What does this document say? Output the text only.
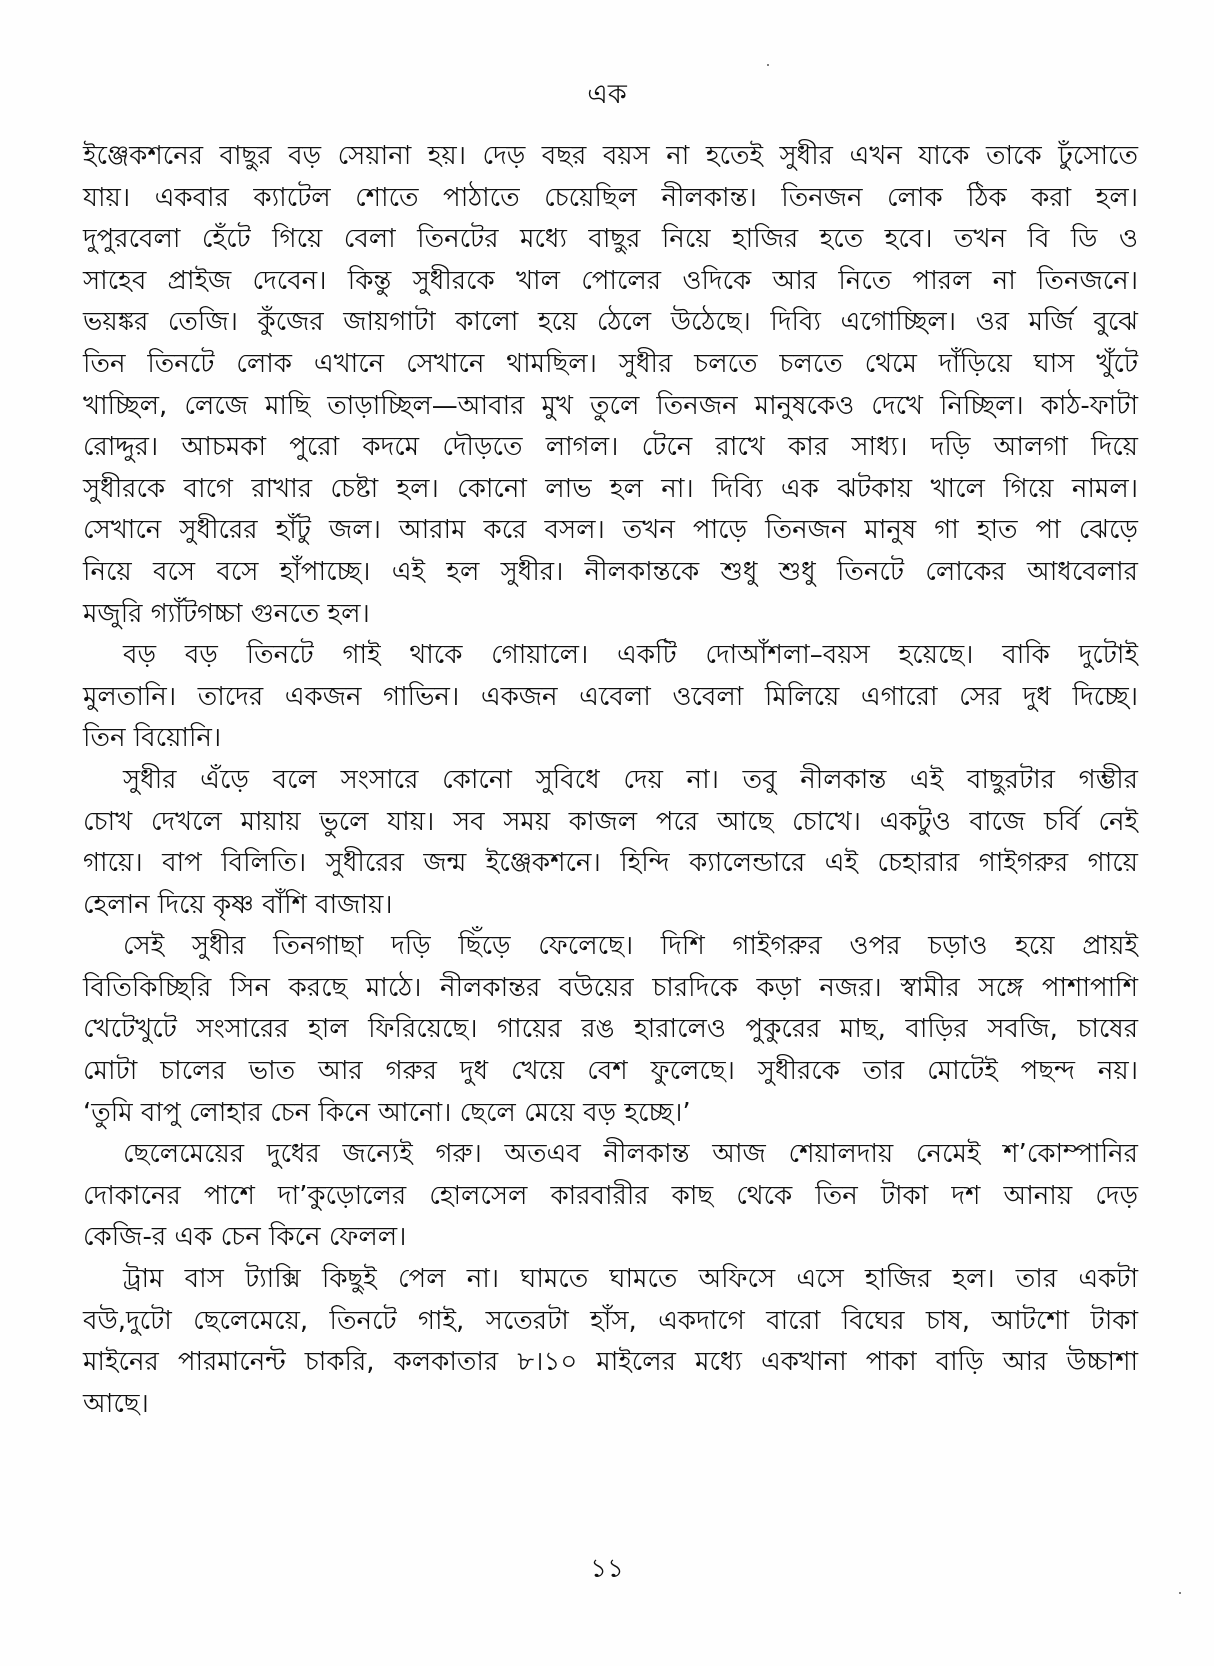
এক

ইঞ্জেকশনের বাছুর বড় সেয়ানা হয়। দেড় বছর বয়স না হতেই সুধীর এখন যাকে তাকে ঢুঁসোতে
যায়। একবার ক্যাটেল শোতে পাঠাতে চেয়েছিল নীলকান্ত। তিনজন লোক ঠিক করা হল।
দুপুরবেলা হেঁটে গিয়ে বেলা তিনটের মধ্যে বাছুর নিয়ে হাজির হতে হবে। তখন বি ডি ও
সাহেব প্রাইজ দেবেন। কিন্তু সুধীরকে খাল পোলের ওদিকে আর নিতে পারল না তিনজনে।
ভয়ঙ্কর তেজি। কুঁজের জায়গাটা কালো হয়ে ঠেলে উঠেছে। দিব্যি এগোচ্ছিল। ওর মর্জি বুঝে
তিন তিনটে লোক এখানে সেখানে থামছিল। সুধীর চলতে চলতে থেমে দাঁড়িয়ে ঘাস খুঁটে
খাচ্ছিল, লেজে মাছি তাড়াচ্ছিল—আবার মুখ তুলে তিনজন মানুষকেও দেখে নিচ্ছিল। কাঠ-ফাটা
রোদ্দুর। আচমকা পুরো কদমে দৌড়তে লাগল। টেনে রাখে কার সাধ্য। দড়ি আলগা দিয়ে
সুধীরকে বাগে রাখার চেষ্টা হল। কোনো লাভ হল না। দিব্যি এক ঝটকায় খালে গিয়ে নামল।
সেখানে সুধীরের হাঁটু জল। আরাম করে বসল। তখন পাড়ে তিনজন মানুষ গা হাত পা ঝেড়ে
নিয়ে বসে বসে হাঁপাচ্ছে। এই হল সুধীর। নীলকান্তকে শুধু শুধু তিনটে লোকের আধবেলার
মজুরি গ্যাঁটগচ্চা গুনতে হল।

বড় বড় তিনটে গাই থাকে গোয়ালে। একটি দোআঁশলা–বয়স হয়েছে। বাকি দুটোই
মুলতানি। তাদের একজন গাভিন। একজন এবেলা ওবেলা মিলিয়ে এগারো সের দুধ দিচ্ছে।
তিন বিয়োনি।

সুধীর এঁড়ে বলে সংসারে কোনো সুবিধে দেয় না। তবু নীলকান্ত এই বাছুরটার গম্ভীর
চোখ দেখলে মায়ায় ভুলে যায়। সব সময় কাজল পরে আছে চোখে। একটুও বাজে চর্বি নেই
গায়ে। বাপ বিলিতি। সুধীরের জন্ম ইঞ্জেকশনে। হিন্দি ক্যালেন্ডারে এই চেহারার গাইগরুর গায়ে
হেলান দিয়ে কৃষ্ণ বাঁশি বাজায়।

সেই সুধীর তিনগাছা দড়ি ছিঁড়ে ফেলেছে। দিশি গাইগরুর ওপর চড়াও হয়ে প্রায়ই
বিতিকিচ্ছিরি সিন করছে মাঠে। নীলকান্তর বউয়ের চারদিকে কড়া নজর। স্বামীর সঙ্গে পাশাপাশি
খেটেখুটে সংসারের হাল ফিরিয়েছে। গায়ের রঙ হারালেও পুকুরের মাছ, বাড়ির সবজি, চাষের
মোটা চালের ভাত আর গরুর দুধ খেয়ে বেশ ফুলেছে। সুধীরকে তার মোটেই পছন্দ নয়।
‘তুমি বাপু লোহার চেন কিনে আনো। ছেলে মেয়ে বড় হচ্ছে।’

ছেলেমেয়ের দুধের জন্যেই গরু। অতএব নীলকান্ত আজ শেয়ালদায় নেমেই শ’কোম্পানির
দোকানের পাশে দা’কুড়োলের হোলসেল কারবারীর কাছ থেকে তিন টাকা দশ আনায় দেড়
কেজি-র এক চেন কিনে ফেলল।

ট্রাম বাস ট্যাক্সি কিছুই পেল না। ঘামতে ঘামতে অফিসে এসে হাজির হল। তার একটা
বউ,দুটো ছেলেমেয়ে, তিনটে গাই, সতেরটা হাঁস, একদাগে বারো বিঘের চাষ, আটশো টাকা
মাইনের পারমানেন্ট চাকরি, কলকাতার ৮।১০ মাইলের মধ্যে একখানা পাকা বাড়ি আর উচ্চাশা
আছে।

১১
